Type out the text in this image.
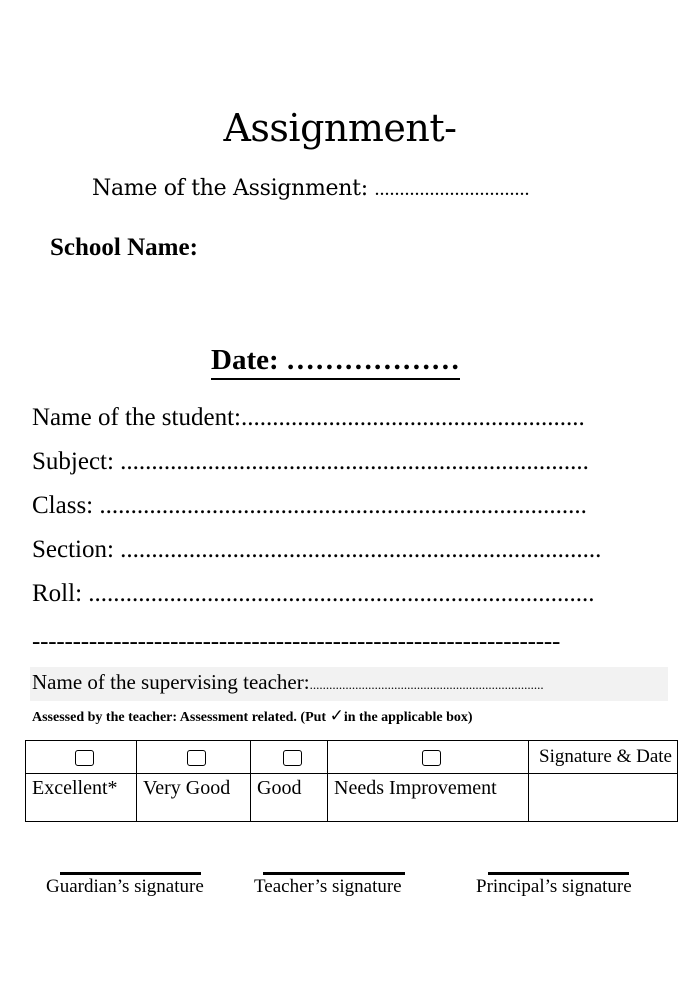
Assignment-
Name of the Assignment: ...............................
School Name:
Date: ………………
Name of the student:.......................................................
Subject: ...........................................................................
Class: ..............................................................................
Section: .............................................................................
Roll: .................................................................................
-----------------------------------------------------------------
Name of the supervising teacher:........................................................................
Assessed by the teacher: Assessment related. (Put ✓in the applicable box)
				Signature & Date
Excellent*	Very Good	Good	Needs Improvement	
Guardian’s signature	Teacher’s signature	Principal’s signature
